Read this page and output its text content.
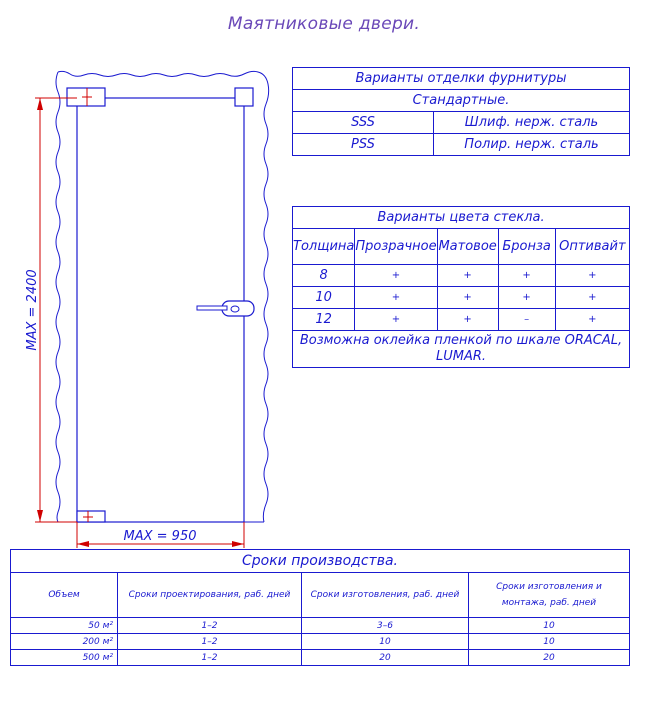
Маятниковые двери.
MAX = 2400
MAX = 950
Варианты отделки фурнитуры	
Стандартные.	
SSS	Шлиф. нерж. сталь
PSS	Полир. нерж. сталь
Варианты цвета стекла.				
Толщина	Прозрачное	Матовое	Бронза	Оптивайт
8	+	+	+	+
10	+	+	+	+
12	+	+	–	+
Возможна оклейка пленкой по шкале ORACAL, LUMAR.				
Сроки производства.			
Объем	Сроки проектирования, раб. дней	Сроки изготовления, раб. дней	Сроки изготовления и монтажа, раб. дней
50 м²	1–2	3–6	10
200 м²	1–2	10	10
500 м²	1–2	20	20
